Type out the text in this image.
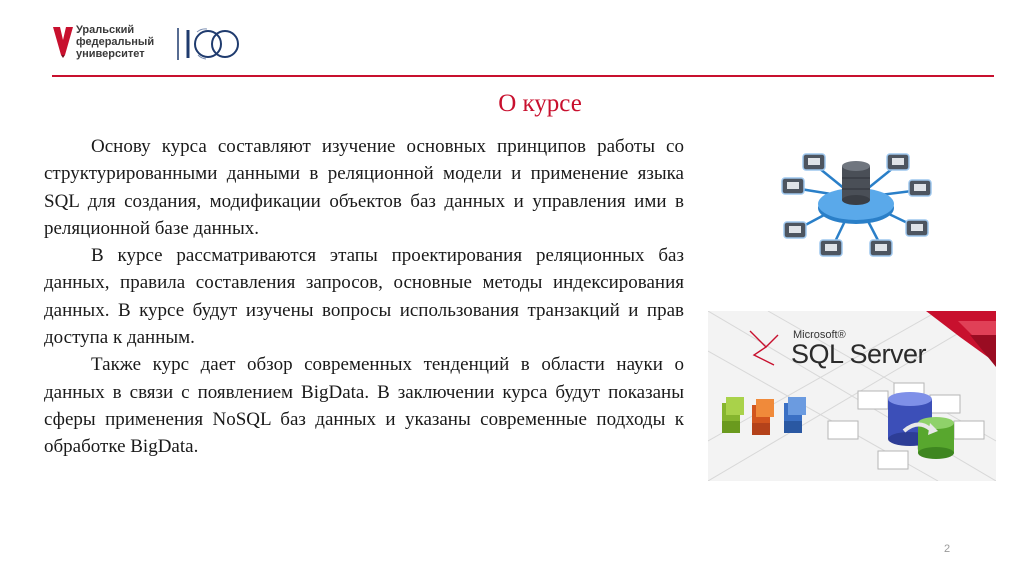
Уральский
федеральный
университет
О курсе

Основу курса составляют изучение основных принципов работы со структурированными данными в реляционной модели и применение языка SQL для создания, модификации объектов баз данных и управления ими в реляционной базе данных.

В курсе рассматриваются этапы проектирования реляционных баз данных, правила составления запросов, основные методы индексирования данных. В курсе будут изучены вопросы использования транзакций и прав доступа к данным.

Также курс дает обзор современных тенденций в области науки о данных в связи с появлением BigData. В заключении курса будут показаны сферы применения NoSQL баз данных и указаны современные подходы к обработке BigData.

Microsoft®
SQL Server
2
